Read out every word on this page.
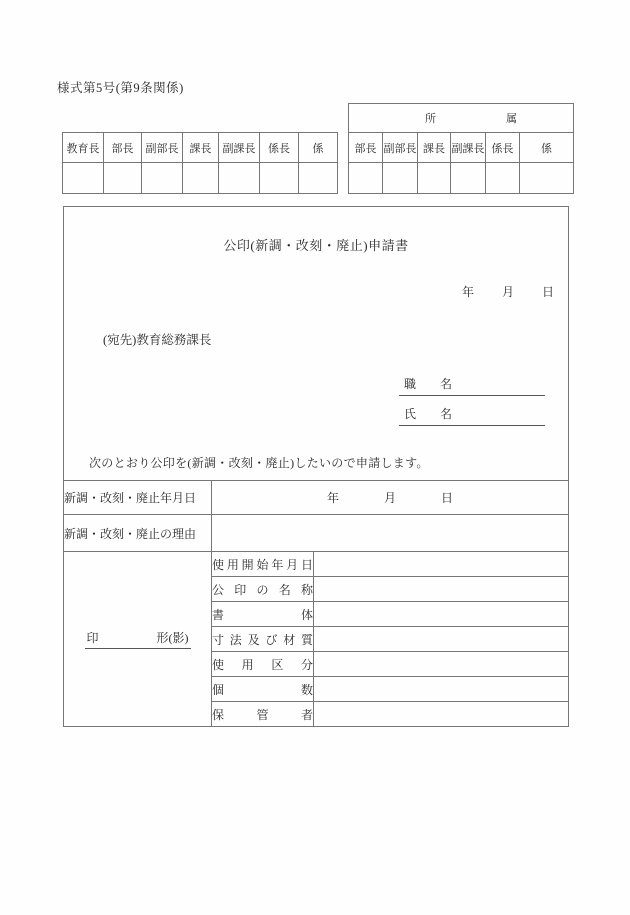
様式第5号(第9条関係)
教育長	部長	副部長	課長	副課長	係長	係

所 属					

部長	副部長	課長	副課長	係長	係

公印(新調・改刻・廃止)申請書
年 月 日
(宛先)教育総務課長
職　名
氏　名
次のとおり公印を(新調・改刻・廃止)したいので申請します。

新調・改刻・廃止年月日	年 月 日	

新調・改刻・廃止の理由		

印 形(影)	使用開始年月日	
	公印の名称	
	書体	
	寸法及び材質	
	使用区分	
	個数	
	保管者	
